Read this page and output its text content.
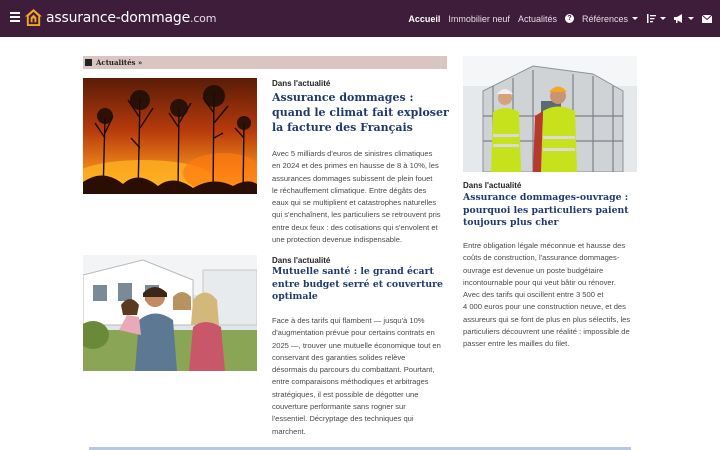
assurance-dommage.com	Accueil Immobilier neuf Actualités	? Références
Actualités »
Dans l'actualité
Assurance dommages :
quand le climat fait exploser
la facture des Français
Avec 5 milliards d'euros de sinistres climatiques
en 2024 et des primes en hausse de 8 à 10%, les
assurances dommages subissent de plein fouet
le réchauffement climatique. Entre dégâts des
eaux qui se multiplient et catastrophes naturelles
qui s'enchaînent, les particuliers se retrouvent pris
entre deux feux : des cotisations qui s'envolent et
une protection devenue indispensable.
Dans l'actualité
Mutuelle santé : le grand écart
entre budget serré et couverture
optimale
Face à des tarifs qui flambent — jusqu'à 10%
d'augmentation prévue pour certains contrats en
2025 —, trouver une mutuelle économique tout en
conservant des garanties solides relève
désormais du parcours du combattant. Pourtant,
entre comparaisons méthodiques et arbitrages
stratégiques, il est possible de dégotter une
couverture performante sans rogner sur
l'essentiel. Décryptage des techniques qui
marchent.
Dans l'actualité
Assurance dommages-ouvrage :
pourquoi les particuliers paient
toujours plus cher
Entre obligation légale méconnue et hausse des
coûts de construction, l'assurance dommages-
ouvrage est devenue un poste budgétaire
incontournable pour qui veut bâtir ou rénover.
Avec des tarifs qui oscillent entre 3 500 et
4 000 euros pour une construction neuve, et des
assureurs qui se font de plus en plus sélectifs, les
particuliers découvrent une réalité : impossible de
passer entre les mailles du filet.
